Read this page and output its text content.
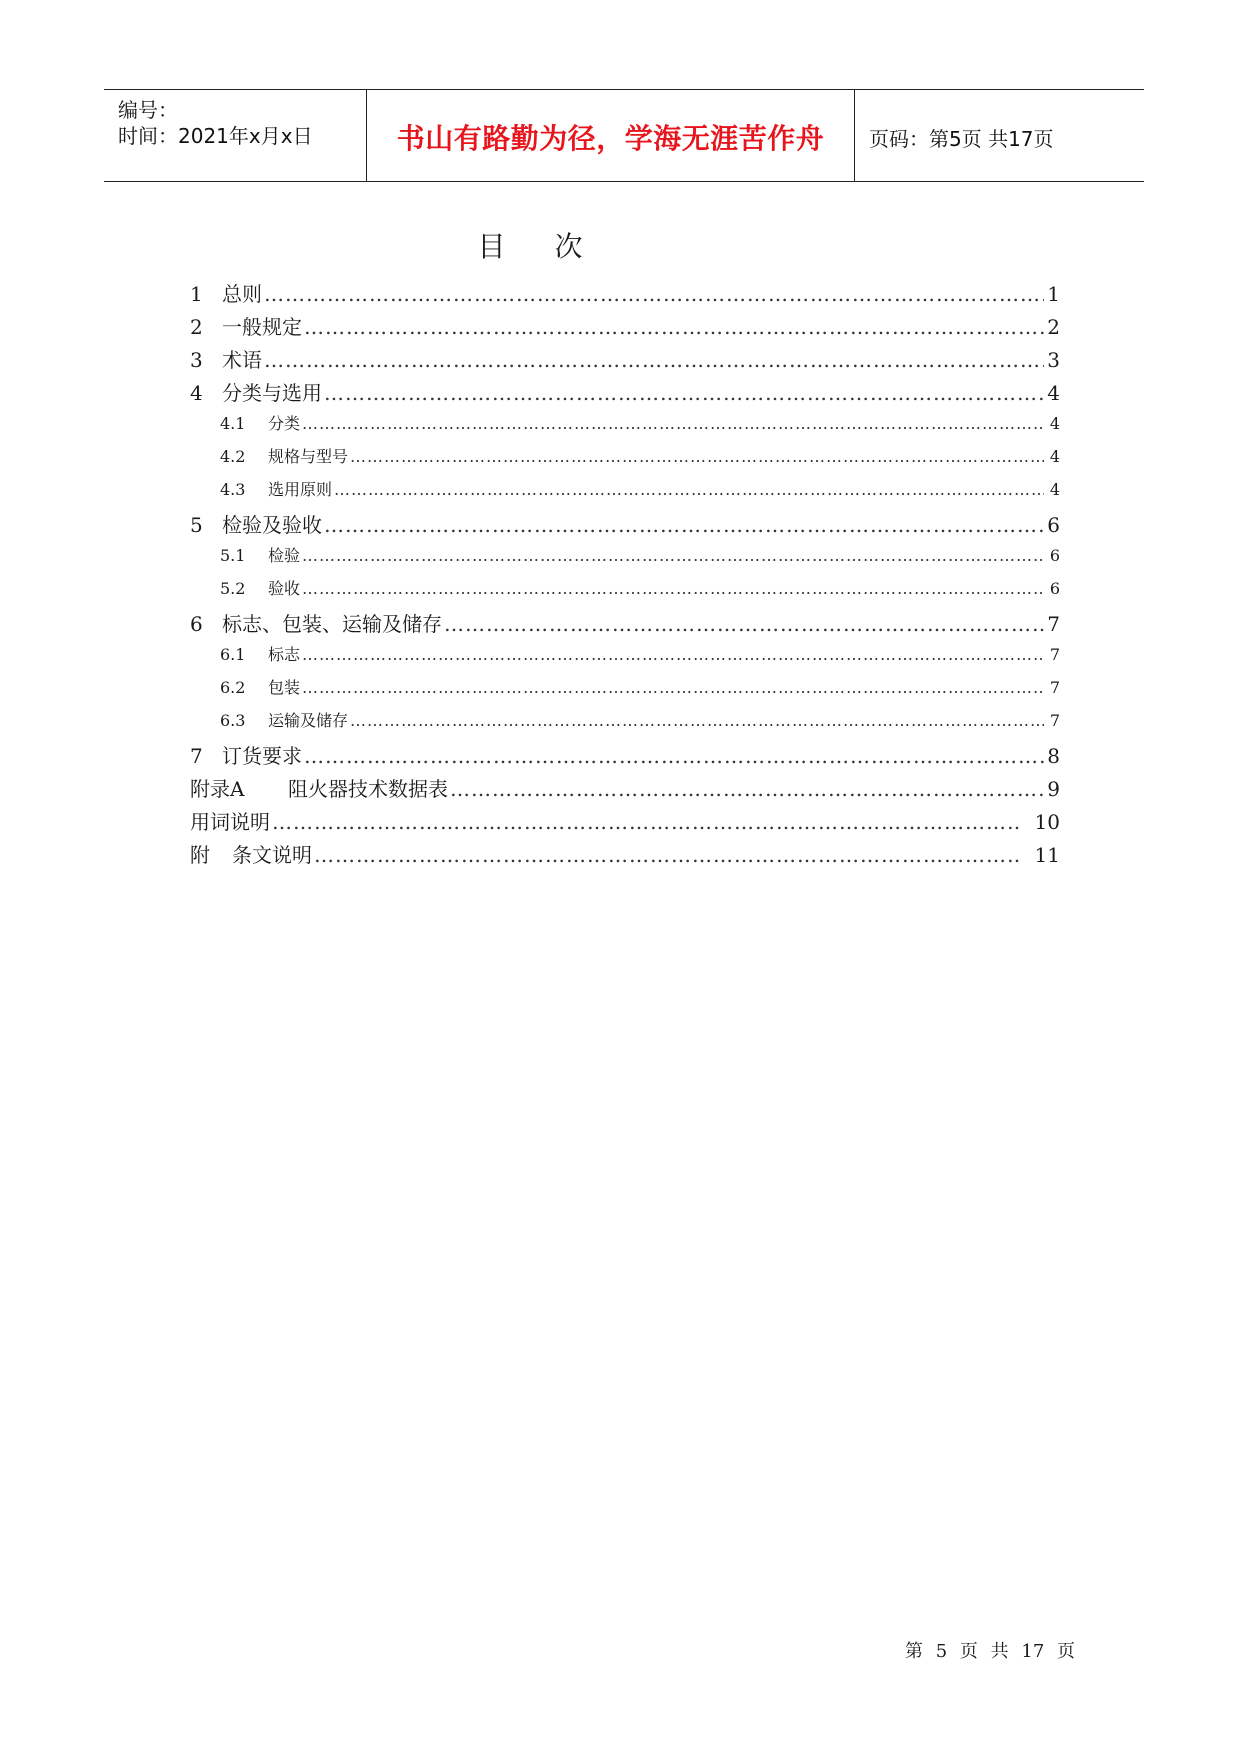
编号：
时间：2021年x月x日	书山有路勤为径，学海无涯苦作舟	页码：第5页 共17页
目 次
1 总则 …………………………………………………………………………………………………………………………………………………………………………………………………………………………………………	1
2 一般规定 …………………………………………………………………………………………………………………………………………………………………………………………………………………………………………	2
3 术语 …………………………………………………………………………………………………………………………………………………………………………………………………………………………………………	3
4 分类与选用 …………………………………………………………………………………………………………………………………………………………………………………………………………………………………………	4
4.1	分类 …………………………………………………………………………………………………………………………………………………………………………………………………………………………………………	4
4.2	规格与型号 …………………………………………………………………………………………………………………………………………………………………………………………………………………………………………	4
4.3	选用原则 …………………………………………………………………………………………………………………………………………………………………………………………………………………………………………	4
5 检验及验收 …………………………………………………………………………………………………………………………………………………………………………………………………………………………………………	6
5.1	检验 …………………………………………………………………………………………………………………………………………………………………………………………………………………………………………	6
5.2	验收 …………………………………………………………………………………………………………………………………………………………………………………………………………………………………………	6
6 标志、包装、运输及储存 …………………………………………………………………………………………………………………………………………………………………………………………………………………………………………	7
6.1	标志 …………………………………………………………………………………………………………………………………………………………………………………………………………………………………………	7
6.2	包装 …………………………………………………………………………………………………………………………………………………………………………………………………………………………………………	7
6.3	运输及储存 …………………………………………………………………………………………………………………………………………………………………………………………………………………………………………	7
7 订货要求 …………………………………………………………………………………………………………………………………………………………………………………………………………………………………………	8
附录A	阻火器技术数据表 …………………………………………………………………………………………………………………………………………………………………………………………………………………………………………	9
用词说明 …………………………………………………………………………………………………………………………………………………………………………………………………………………………………………	10
附	条文说明 …………………………………………………………………………………………………………………………………………………………………………………………………………………………………………	11
第 5 页 共 17 页
